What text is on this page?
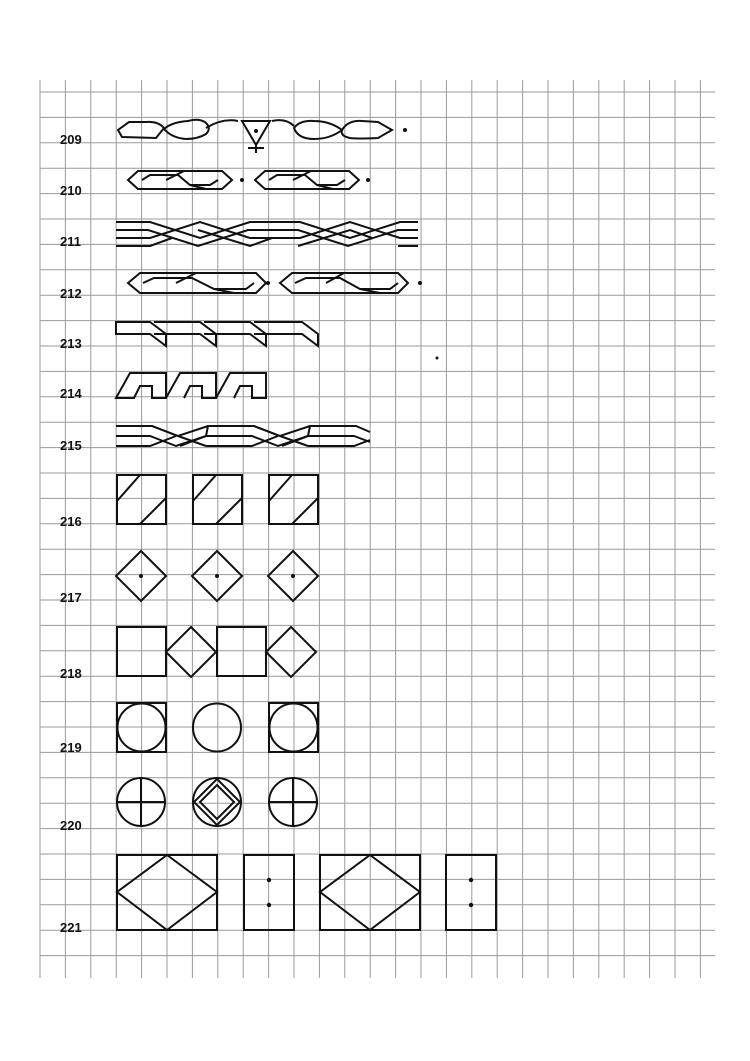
209
210
211
212
213
214
215
216
217
218
219
220
221
